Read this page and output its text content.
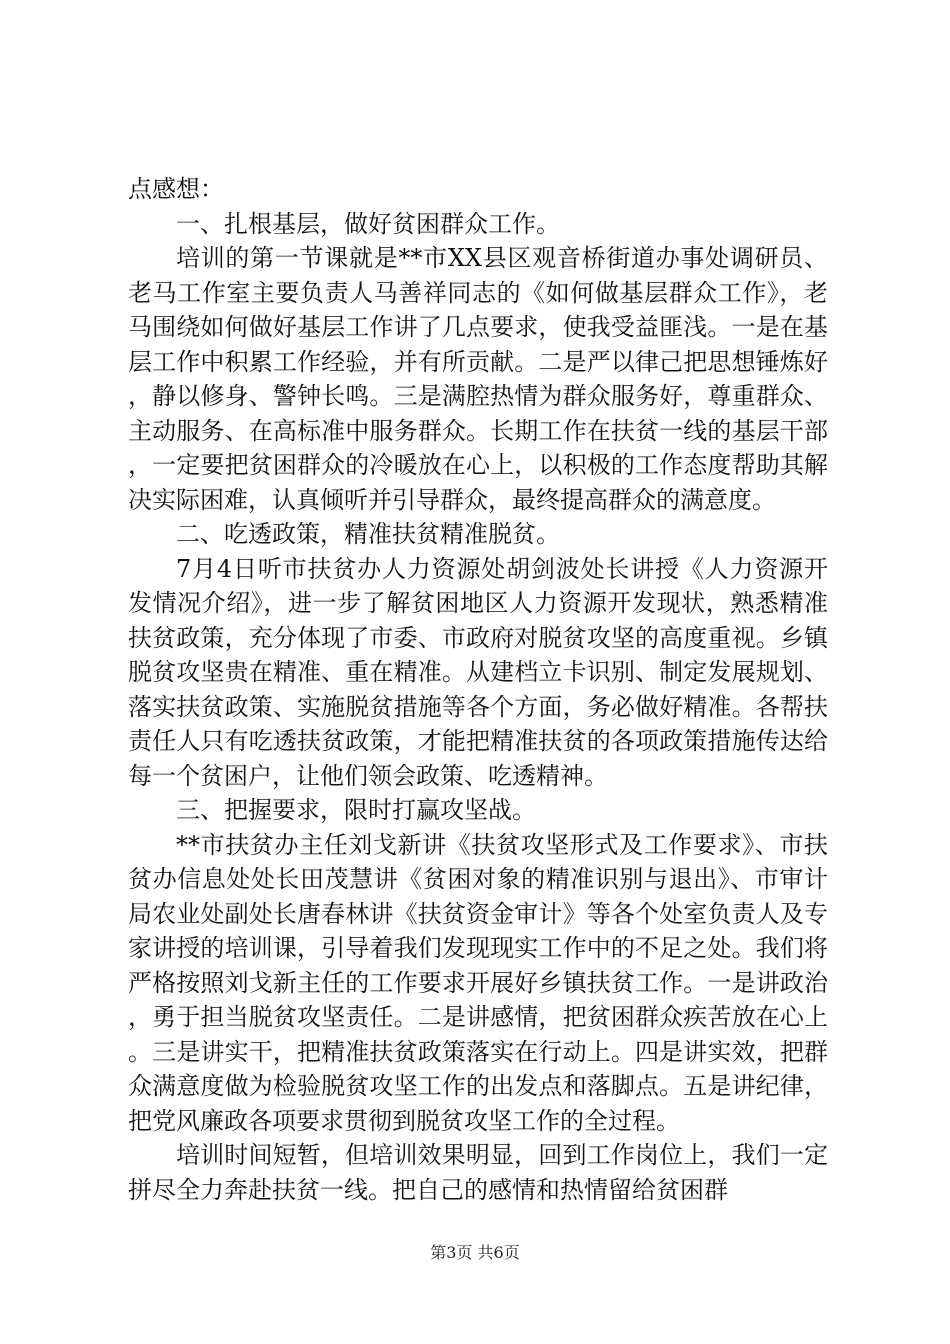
点感想：

一、扎根基层，做好贫困群众工作。

培训的第一节课就是**市XX县区观音桥街道办事处调研员、老马工作室主要负责人马善祥同志的《如何做基层群众工作》，老马围绕如何做好基层工作讲了几点要求，使我受益匪浅。一是在基层工作中积累工作经验，并有所贡献。二是严以律己把思想锤炼好，静以修身、警钟长鸣。三是满腔热情为群众服务好，尊重群众、主动服务、在高标准中服务群众。长期工作在扶贫一线的基层干部，一定要把贫困群众的冷暖放在心上，以积极的工作态度帮助其解决实际困难，认真倾听并引导群众，最终提高群众的满意度。

二、吃透政策，精准扶贫精准脱贫。

7月4日听市扶贫办人力资源处胡剑波处长讲授《人力资源开发情况介绍》，进一步了解贫困地区人力资源开发现状，熟悉精准扶贫政策，充分体现了市委、市政府对脱贫攻坚的高度重视。乡镇脱贫攻坚贵在精准、重在精准。从建档立卡识别、制定发展规划、落实扶贫政策、实施脱贫措施等各个方面，务必做好精准。各帮扶责任人只有吃透扶贫政策，才能把精准扶贫的各项政策措施传达给每一个贫困户，让他们领会政策、吃透精神。

三、把握要求，限时打赢攻坚战。

**市扶贫办主任刘戈新讲《扶贫攻坚形式及工作要求》、市扶贫办信息处处长田茂慧讲《贫困对象的精准识别与退出》、市审计局农业处副处长唐春林讲《扶贫资金审计》等各个处室负责人及专家讲授的培训课，引导着我们发现现实工作中的不足之处。我们将严格按照刘戈新主任的工作要求开展好乡镇扶贫工作。一是讲政治，勇于担当脱贫攻坚责任。二是讲感情，把贫困群众疾苦放在心上。三是讲实干，把精准扶贫政策落实在行动上。四是讲实效，把群众满意度做为检验脱贫攻坚工作的出发点和落脚点。五是讲纪律，把党风廉政各项要求贯彻到脱贫攻坚工作的全过程。

培训时间短暂，但培训效果明显，回到工作岗位上，我们一定拼尽全力奔赴扶贫一线。把自己的感情和热情留给贫困群

第3页 共6页
